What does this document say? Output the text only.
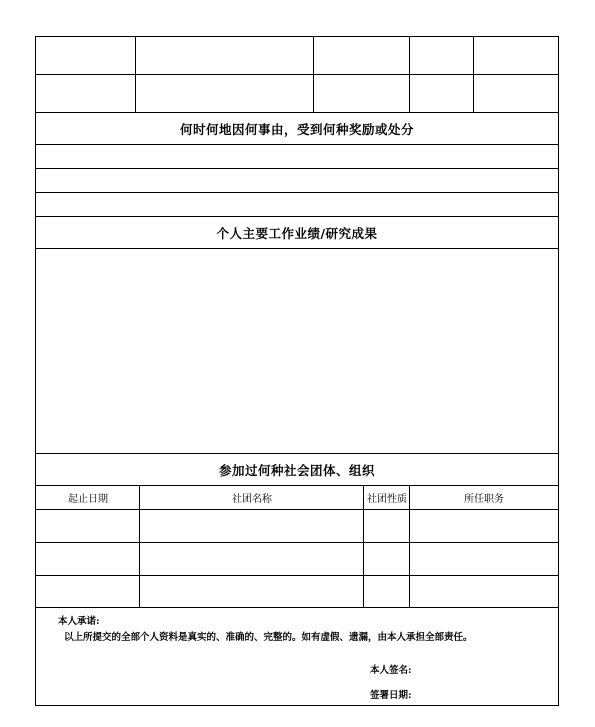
何时何地因何事由，受到何种奖励或处分
个人主要工作业绩/研究成果
参加过何种社会团体、组织
起止日期	社团名称	社团性质	所任职务
本人承诺:
以上所提交的全部个人资料是真实的、准确的、完整的。如有虚假、遗漏，由本人承担全部责任。
本人签名:
签署日期:
